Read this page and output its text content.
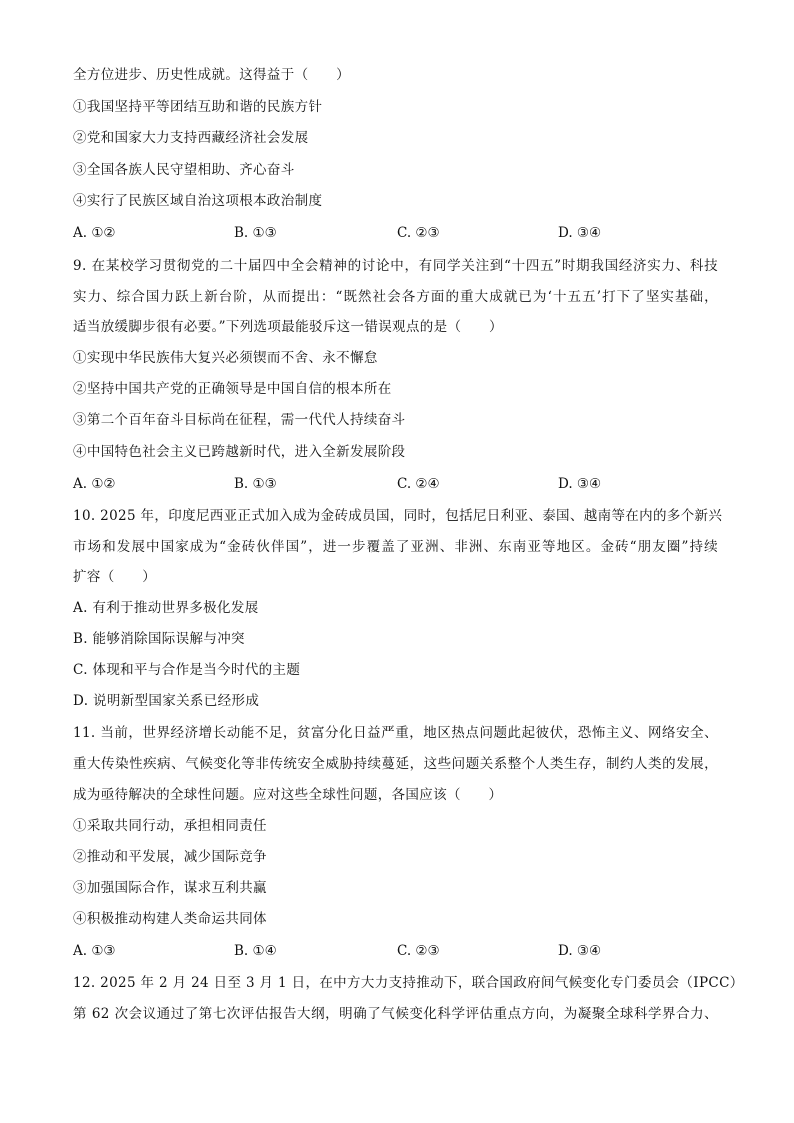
全方位进步、历史性成就。这得益于（　　）
①我国坚持平等团结互助和谐的民族方针
②党和国家大力支持西藏经济社会发展
③全国各族人民守望相助、齐心奋斗
④实行了民族区域自治这项根本政治制度
A. ①②	B. ①③	C. ②③	D. ③④
9. 在某校学习贯彻党的二十届四中全会精神的讨论中，有同学关注到“十四五”时期我国经济实力、科技
实力、综合国力跃上新台阶，从而提出：“既然社会各方面的重大成就已为‘十五五’打下了坚实基础，
适当放缓脚步很有必要。”下列选项最能驳斥这一错误观点的是（　　）
①实现中华民族伟大复兴必须锲而不舍、永不懈怠
②坚持中国共产党的正确领导是中国自信的根本所在
③第二个百年奋斗目标尚在征程，需一代代人持续奋斗
④中国特色社会主义已跨越新时代，进入全新发展阶段
A. ①②	B. ①③	C. ②④	D. ③④
10. 2025 年，印度尼西亚正式加入成为金砖成员国，同时，包括尼日利亚、泰国、越南等在内的多个新兴
市场和发展中国家成为“金砖伙伴国”，进一步覆盖了亚洲、非洲、东南亚等地区。金砖“朋友圈”持续
扩容（　　）
A. 有利于推动世界多极化发展
B. 能够消除国际误解与冲突
C. 体现和平与合作是当今时代的主题
D. 说明新型国家关系已经形成
11. 当前，世界经济增长动能不足，贫富分化日益严重，地区热点问题此起彼伏，恐怖主义、网络安全、
重大传染性疾病、气候变化等非传统安全威胁持续蔓延，这些问题关系整个人类生存，制约人类的发展，
成为亟待解决的全球性问题。应对这些全球性问题，各国应该（　　）
①采取共同行动，承担相同责任
②推动和平发展，减少国际竞争
③加强国际合作，谋求互利共赢
④积极推动构建人类命运共同体
A. ①③	B. ①④	C. ②③	D. ③④
12. 2025 年 2 月 24 日至 3 月 1 日，在中方大力支持推动下，联合国政府间气候变化专门委员会（IPCC）
第 62 次会议通过了第七次评估报告大纲，明确了气候变化科学评估重点方向，为凝聚全球科学界合力、
